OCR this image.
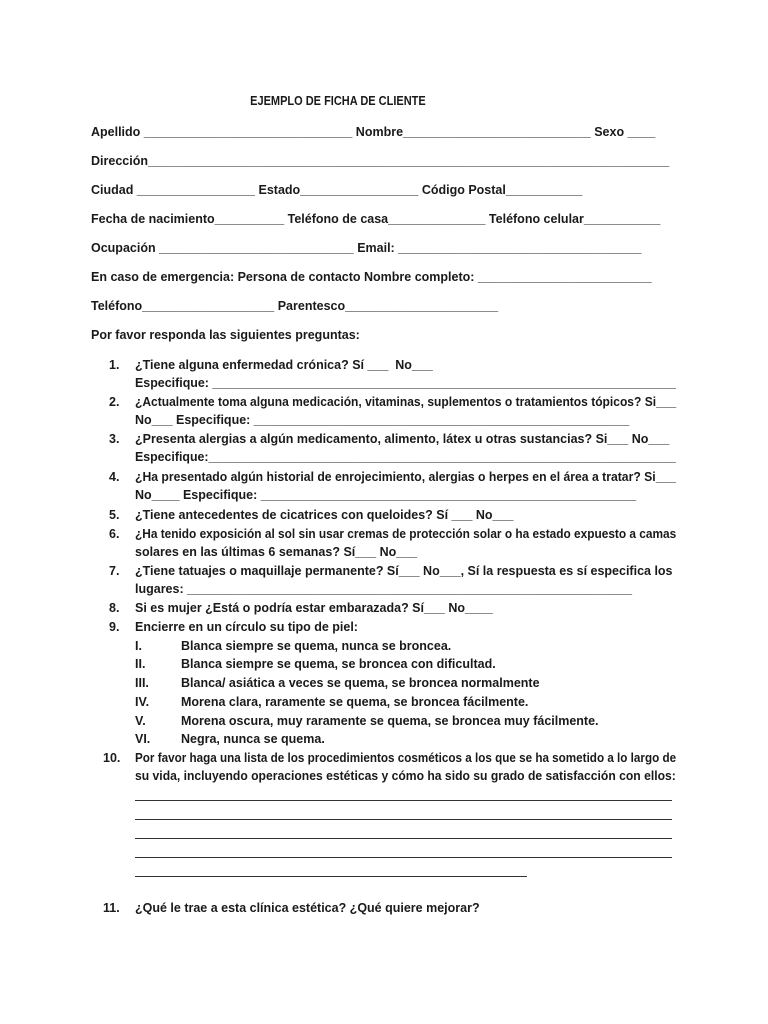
EJEMPLO DE FICHA DE CLIENTE
Apellido ______________________________ Nombre___________________________ Sexo ____
Dirección___________________________________________________________________________
Ciudad _________________ Estado_________________ Código Postal___________
Fecha de nacimiento__________ Teléfono de casa______________ Teléfono celular___________
Ocupación ____________________________ Email: ___________________________________
En caso de emergencia: Persona de contacto Nombre completo: _________________________
Teléfono___________________ Parentesco______________________
Por favor responda las siguientes preguntas:
1. ¿Tiene alguna enfermedad crónica? Sí ___  No___
Especifique: ___________________________________________________________________
2. ¿Actualmente toma alguna medicación, vitaminas, suplementos o tratamientos tópicos? Si___
No___ Especifique: ______________________________________________________
3. ¿Presenta alergias a algún medicamento, alimento, látex u otras sustancias? Si___ No___
Especifique:____________________________________________________________________
4. ¿Ha presentado algún historial de enrojecimiento, alergias o herpes en el área a tratar? Si___
No____ Especifique: ______________________________________________________
5. ¿Tiene antecedentes de cicatrices con queloides? Sí ___ No___
6. ¿Ha tenido exposición al sol sin usar cremas de protección solar o ha estado expuesto a camas
solares en las últimas 6 semanas? Sí___ No___
7. ¿Tiene tatuajes o maquillaje permanente? Sí___ No___, Sí la respuesta es sí especifica los
lugares: ________________________________________________________________
8. Si es mujer ¿Está o podría estar embarazada? Sí___ No____
9. Encierre en un círculo su tipo de piel:
I.	Blanca siempre se quema, nunca se broncea.
II.	Blanca siempre se quema, se broncea con dificultad.
III.	Blanca/ asiática a veces se quema, se broncea normalmente
IV.	Morena clara, raramente se quema, se broncea fácilmente.
V.	Morena oscura, muy raramente se quema, se broncea muy fácilmente.
VI. Negra, nunca se quema.
10. Por favor haga una lista de los procedimientos cosméticos a los que se ha sometido a lo largo de
su vida, incluyendo operaciones estéticas y cómo ha sido su grado de satisfacción con ellos:
11. ¿Qué le trae a esta clínica estética? ¿Qué quiere mejorar?
